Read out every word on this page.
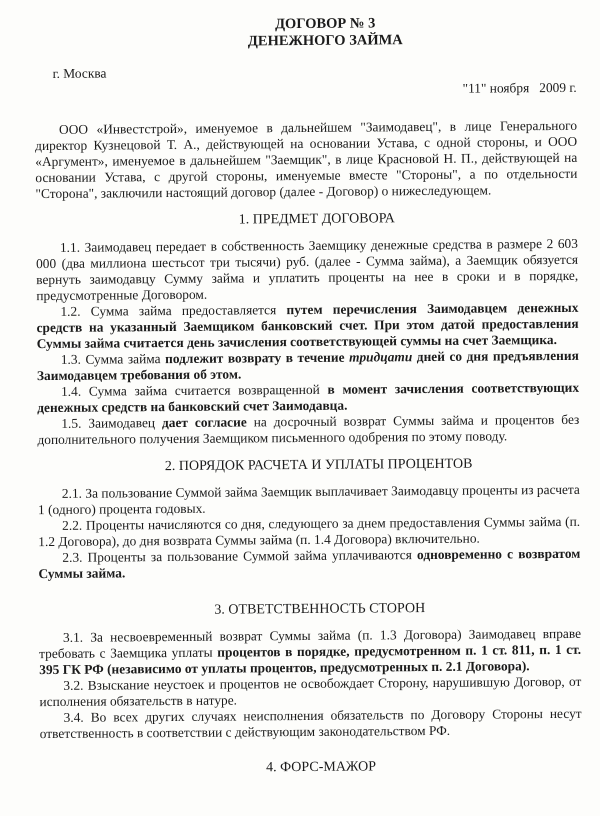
ДОГОВОР № 3
ДЕНЕЖНОГО ЗАЙМА
г. Москва
"11" ноября   2009 г.

ООО «Инвестстрой», именуемое в дальнейшем "Заимодавец", в лице Генерального директор Кузнецовой Т. А., действующей на основании Устава, с одной стороны, и ООО «Аргумент», именуемое в дальнейшем "Заемщик", в лице Красновой Н. П., действующей на основании Устава, с другой стороны, именуемые вместе "Стороны", а по отдельности "Сторона", заключили настоящий договор (далее - Договор) о нижеследующем.

1. ПРЕДМЕТ ДОГОВОРА

1.1. Заимодавец передает в собственность Заемщику денежные средства в размере 2 603 000 (два миллиона шестьсот три тысячи) руб. (далее - Сумма займа), а Заемщик обязуется вернуть заимодавцу Сумму займа и уплатить проценты на нее в сроки и в порядке, предусмотренные Договором.

1.2. Сумма займа предоставляется путем перечисления Заимодавцем денежных средств на указанный Заемщиком банковский счет. При этом датой предоставления Суммы займа считается день зачисления соответствующей суммы на счет Заемщика.

1.3. Сумма займа подлежит возврату в течение тридцати дней со дня предъявления Заимодавцем требования об этом.

1.4. Сумма займа считается возвращенной в момент зачисления соответствующих денежных средств на банковский счет Заимодавца.

1.5. Заимодавец дает согласие на досрочный возврат Суммы займа и процентов без дополнительного получения Заемщиком письменного одобрения по этому поводу.

2. ПОРЯДОК РАСЧЕТА И УПЛАТЫ ПРОЦЕНТОВ

2.1. За пользование Суммой займа Заемщик выплачивает Заимодавцу проценты из расчета 1 (одного) процента годовых.

2.2. Проценты начисляются со дня, следующего за днем предоставления Суммы займа (п. 1.2 Договора), до дня возврата Суммы займа (п. 1.4 Договора) включительно.

2.3. Проценты за пользование Суммой займа уплачиваются одновременно с возвратом Суммы займа.

3. ОТВЕТСТВЕННОСТЬ СТОРОН

3.1. За несвоевременный возврат Суммы займа (п. 1.3 Договора) Заимодавец вправе требовать с Заемщика уплаты процентов в порядке, предусмотренном п. 1 ст. 811, п. 1 ст. 395 ГК РФ (независимо от уплаты процентов, предусмотренных п. 2.1 Договора).

3.2. Взыскание неустоек и процентов не освобождает Сторону, нарушившую Договор, от исполнения обязательств в натуре.

3.4. Во всех других случаях неисполнения обязательств по Договору Стороны несут ответственность в соответствии с действующим законодательством РФ.

4. ФОРС-МАЖОР
